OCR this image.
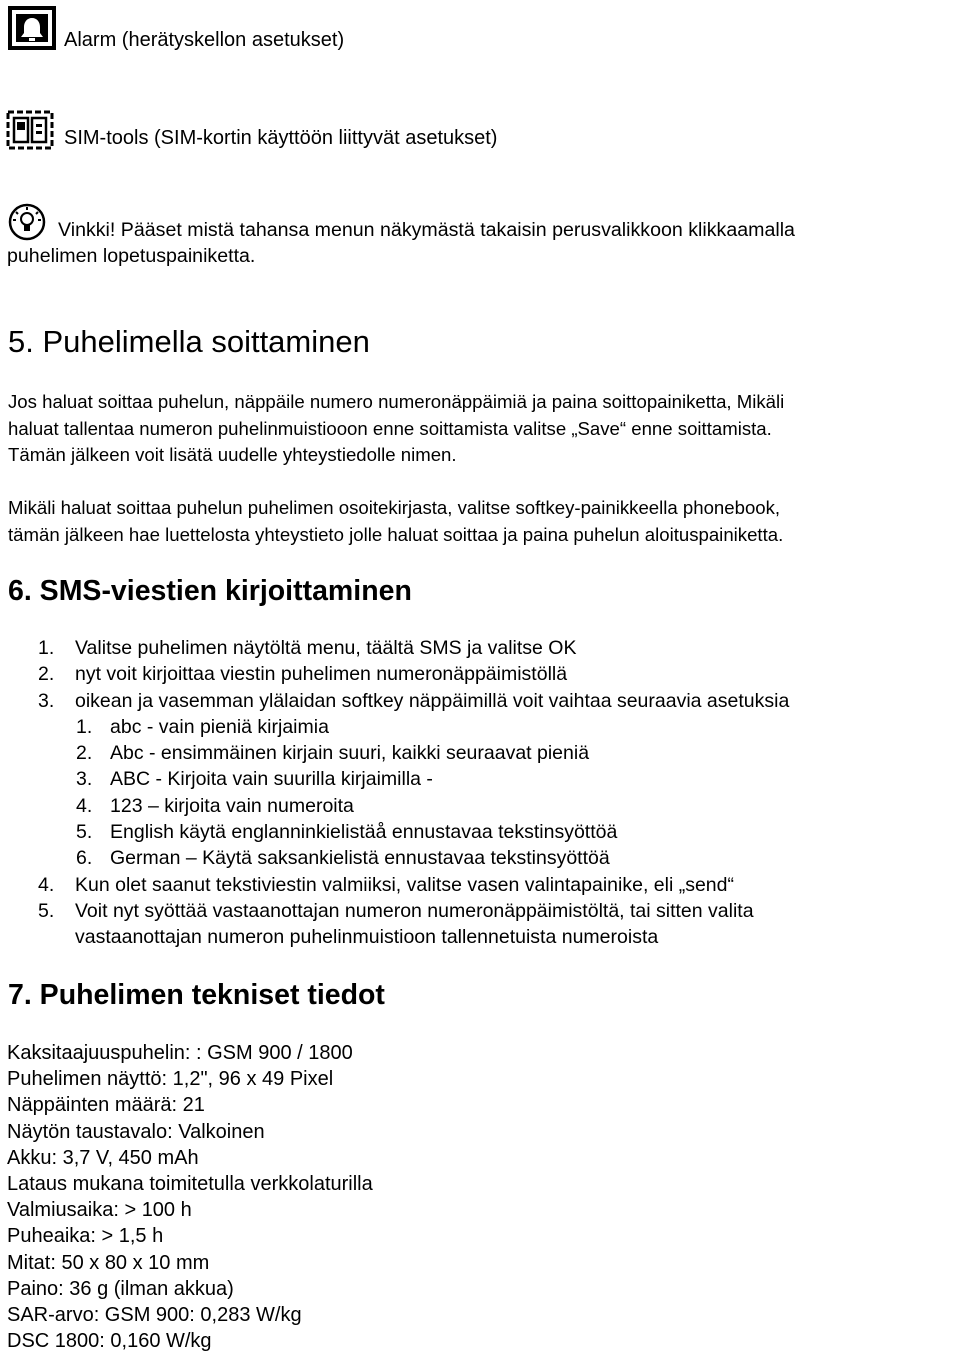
Alarm (herätyskellon asetukset)
SIM-tools (SIM-kortin käyttöön liittyvät asetukset)
Vinkki! Pääset mistä tahansa menun näkymästä takaisin perusvalikkoon klikkaamalla
puhelimen lopetuspainiketta.
5. Puhelimella soittaminen

Jos haluat soittaa puhelun, näppäile numero numeronäppäimiä ja paina soittopainiketta, Mikäli
haluat tallentaa numeron puhelinmuistiooon enne soittamista valitse „Save“ enne soittamista.
Tämän jälkeen voit lisätä uudelle yhteystiedolle nimen.

Mikäli haluat soittaa puhelun puhelimen osoitekirjasta, valitse softkey-painikkeella phonebook,
tämän jälkeen hae luettelosta yhteystieto jolle haluat soittaa ja paina puhelun aloituspainiketta.

6. SMS-viestien kirjoittaminen
1. Valitse puhelimen näytöltä menu, täältä SMS ja valitse OK
2. nyt voit kirjoittaa viestin puhelimen numeronäppäimistöllä
3. oikean ja vasemman ylälaidan softkey näppäimillä voit vaihtaa seuraavia asetuksia
1. abc - vain pieniä kirjaimia
2. Abc - ensimmäinen kirjain suuri, kaikki seuraavat pieniä
3. ABC - Kirjoita vain suurilla kirjaimilla -
4. 123 – kirjoita vain numeroita
5. English käytä englanninkielistäå ennustavaa tekstinsyöttöä
6. German – Käytä saksankielistä ennustavaa tekstinsyöttöä
4. Kun olet saanut tekstiviestin valmiiksi, valitse vasen valintapainike, eli „send“
5. Voit nyt syöttää vastaanottajan numeron numeronäppäimistöltä, tai sitten valita
vastaanottajan numeron puhelinmuistioon tallennetuista numeroista
7. Puhelimen tekniset tiedot
Kaksitaajuuspuhelin: : GSM 900 / 1800
Puhelimen näyttö: 1,2", 96 x 49 Pixel
Näppäinten määrä: 21
Näytön taustavalo: Valkoinen
Akku: 3,7 V, 450 mAh
Lataus mukana toimitetulla verkkolaturilla
Valmiusaika: > 100 h
Puheaika: > 1,5 h
Mitat: 50 x 80 x 10 mm
Paino: 36 g (ilman akkua)
SAR-arvo: GSM 900: 0,283 W/kg
DSC 1800: 0,160 W/kg
